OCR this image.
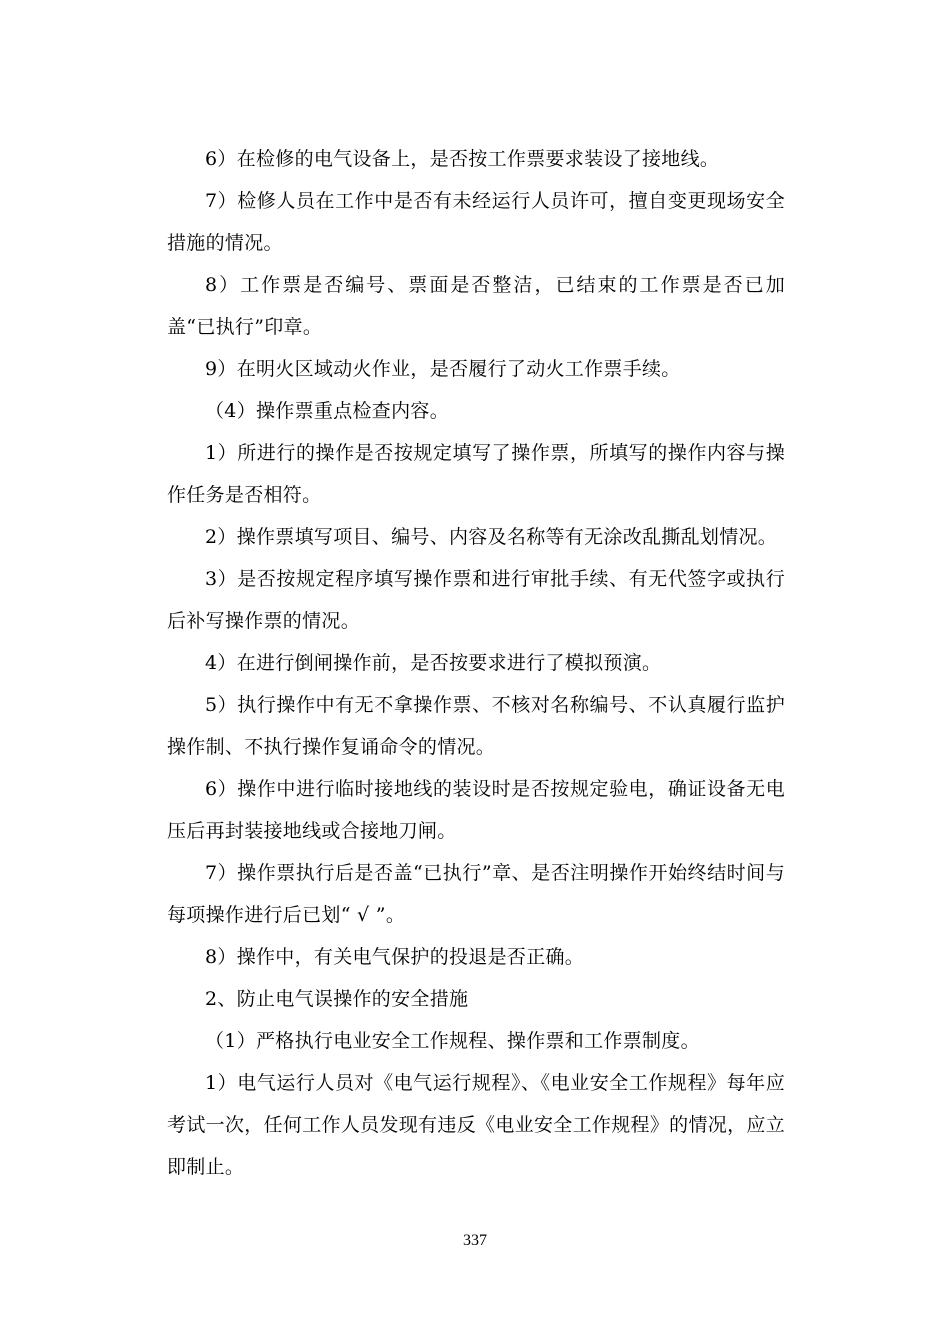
6）在检修的电气设备上，是否按工作票要求装设了接地线。

7）检修人员在工作中是否有未经运行人员许可，擅自变更现场安全措施的情况。

8）工作票是否编号、票面是否整洁，已结束的工作票是否已加盖“已执行”印章。

9）在明火区域动火作业，是否履行了动火工作票手续。

（4）操作票重点检查内容。

1）所进行的操作是否按规定填写了操作票，所填写的操作内容与操作任务是否相符。

2）操作票填写项目、编号、内容及名称等有无涂改乱撕乱划情况。

3）是否按规定程序填写操作票和进行审批手续、有无代签字或执行后补写操作票的情况。

4）在进行倒闸操作前，是否按要求进行了模拟预演。

5）执行操作中有无不拿操作票、不核对名称编号、不认真履行监护操作制、不执行操作复诵命令的情况。

6）操作中进行临时接地线的装设时是否按规定验电，确证设备无电压后再封装接地线或合接地刀闸。

7）操作票执行后是否盖“已执行”章、是否注明操作开始终结时间与每项操作进行后已划“ √ ”。

8）操作中，有关电气保护的投退是否正确。

2、防止电气误操作的安全措施

（1）严格执行电业安全工作规程、操作票和工作票制度。

1）电气运行人员对《电气运行规程》、《电业安全工作规程》每年应考试一次，任何工作人员发现有违反《电业安全工作规程》的情况，应立即制止。

337
